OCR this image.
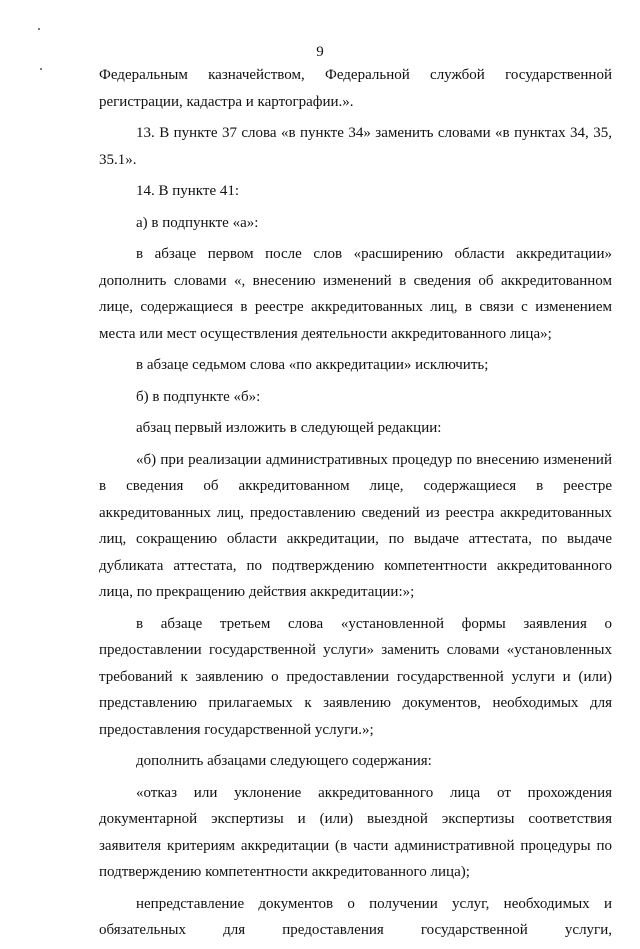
9

Федеральным казначейством, Федеральной службой государственной регистрации, кадастра и картографии.».

13. В пункте 37 слова «в пункте 34» заменить словами «в пунктах 34, 35, 35.1».

14. В пункте 41:

а) в подпункте «а»:

в абзаце первом после слов «расширению области аккредитации» дополнить словами «, внесению изменений в сведения об аккредитованном лице, содержащиеся в реестре аккредитованных лиц, в связи с изменением места или мест осуществления деятельности аккредитованного лица»;

в абзаце седьмом слова «по аккредитации» исключить;

б) в подпункте «б»:

абзац первый изложить в следующей редакции:

«б) при реализации административных процедур по внесению изменений в сведения об аккредитованном лице, содержащиеся в реестре аккредитованных лиц, предоставлению сведений из реестра аккредитованных лиц, сокращению области аккредитации, по выдаче аттестата, по выдаче дубликата аттестата, по подтверждению компетентности аккредитованного лица, по прекращению действия аккредитации:»;

в абзаце третьем слова «установленной формы заявления о предоставлении государственной услуги» заменить словами «установленных требований к заявлению о предоставлении государственной услуги и (или) представлению прилагаемых к заявлению документов, необходимых для предоставления государственной услуги.»;

дополнить абзацами следующего содержания:

«отказ или уклонение аккредитованного лица от прохождения документарной экспертизы и (или) выездной экспертизы соответствия заявителя критериям аккредитации (в части административной процедуры по подтверждению компетентности аккредитованного лица);

непредставление документов о получении услуг, необходимых и обязательных для предоставления государственной услуги,
